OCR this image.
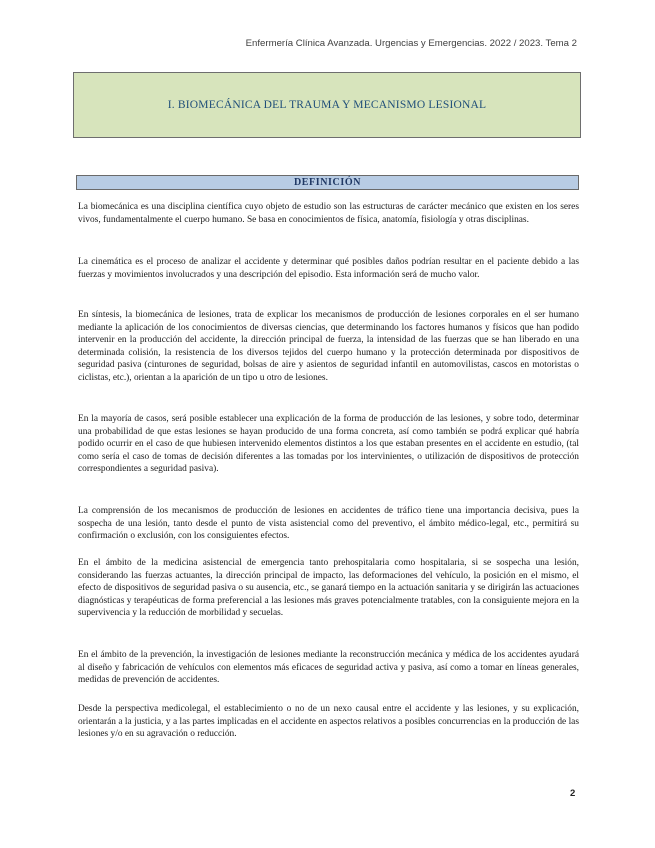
Enfermería Clínica Avanzada. Urgencias y Emergencias. 2022 / 2023. Tema 2
I. BIOMECÁNICA DEL TRAUMA Y MECANISMO LESIONAL
DEFINICIÓN

La biomecánica es una disciplina científica cuyo objeto de estudio son las estructuras de carácter mecánico que existen en los seres vivos, fundamentalmente el cuerpo humano. Se basa en conocimientos de física, anatomía, fisiología y otras disciplinas.

La cinemática es el proceso de analizar el accidente y determinar qué posibles daños podrían resultar en el paciente debido a las fuerzas y movimientos involucrados y una descripción del episodio. Esta información será de mucho valor.

En síntesis, la biomecánica de lesiones, trata de explicar los mecanismos de producción de lesiones corporales en el ser humano mediante la aplicación de los conocimientos de diversas ciencias, que determinando los factores humanos y físicos que han podido intervenir en la producción del accidente, la dirección principal de fuerza, la intensidad de las fuerzas que se han liberado en una determinada colisión, la resistencia de los diversos tejidos del cuerpo humano y la protección determinada por dispositivos de seguridad pasiva (cinturones de seguridad, bolsas de aire y asientos de seguridad infantil en automovilistas, cascos en motoristas o ciclistas, etc.), orientan a la aparición de un tipo u otro de lesiones.

En la mayoría de casos, será posible establecer una explicación de la forma de producción de las lesiones, y sobre todo, determinar una probabilidad de que estas lesiones se hayan producido de una forma concreta, así como también se podrá explicar qué habría podido ocurrir en el caso de que hubiesen intervenido elementos distintos a los que estaban presentes en el accidente en estudio, (tal como sería el caso de tomas de decisión diferentes a las tomadas por los intervinientes, o utilización de dispositivos de protección correspondientes a seguridad pasiva).

La comprensión de los mecanismos de producción de lesiones en accidentes de tráfico tiene una importancia decisiva, pues la sospecha de una lesión, tanto desde el punto de vista asistencial como del preventivo, el ámbito médico-legal, etc., permitirá su confirmación o exclusión, con los consiguientes efectos.

En el ámbito de la medicina asistencial de emergencia tanto prehospitalaria como hospitalaria, si se sospecha una lesión, considerando las fuerzas actuantes, la dirección principal de impacto, las deformaciones del vehículo, la posición en el mismo, el efecto de dispositivos de seguridad pasiva o su ausencia, etc., se ganará tiempo en la actuación sanitaria y se dirigirán las actuaciones diagnósticas y terapéuticas de forma preferencial a las lesiones más graves potencialmente tratables, con la consiguiente mejora en la supervivencia y la reducción de morbilidad y secuelas.

En el ámbito de la prevención, la investigación de lesiones mediante la reconstrucción mecánica y médica de los accidentes ayudará al diseño y fabricación de vehículos con elementos más eficaces de seguridad activa y pasiva, así como a tomar en líneas generales, medidas de prevención de accidentes.

Desde la perspectiva medicolegal, el establecimiento o no de un nexo causal entre el accidente y las lesiones, y su explicación, orientarán a la justicia, y a las partes implicadas en el accidente en aspectos relativos a posibles concurrencias en la producción de las lesiones y/o en su agravación o reducción.

2
